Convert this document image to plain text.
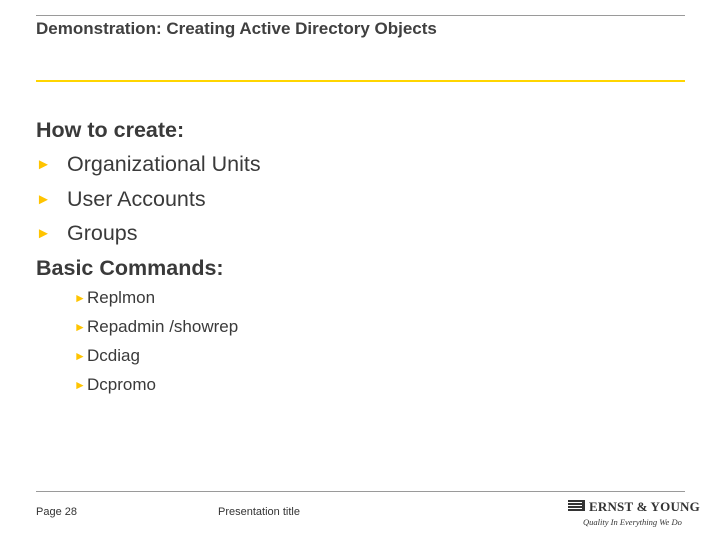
Demonstration: Creating Active Directory Objects
How to create:
► Organizational Units
► User Accounts
► Groups
Basic Commands:
►Replmon
►Repadmin /showrep
►Dcdiag
►Dcpromo
Page 28	Presentation title	ERNST & YOUNG
Quality In Everything We Do
